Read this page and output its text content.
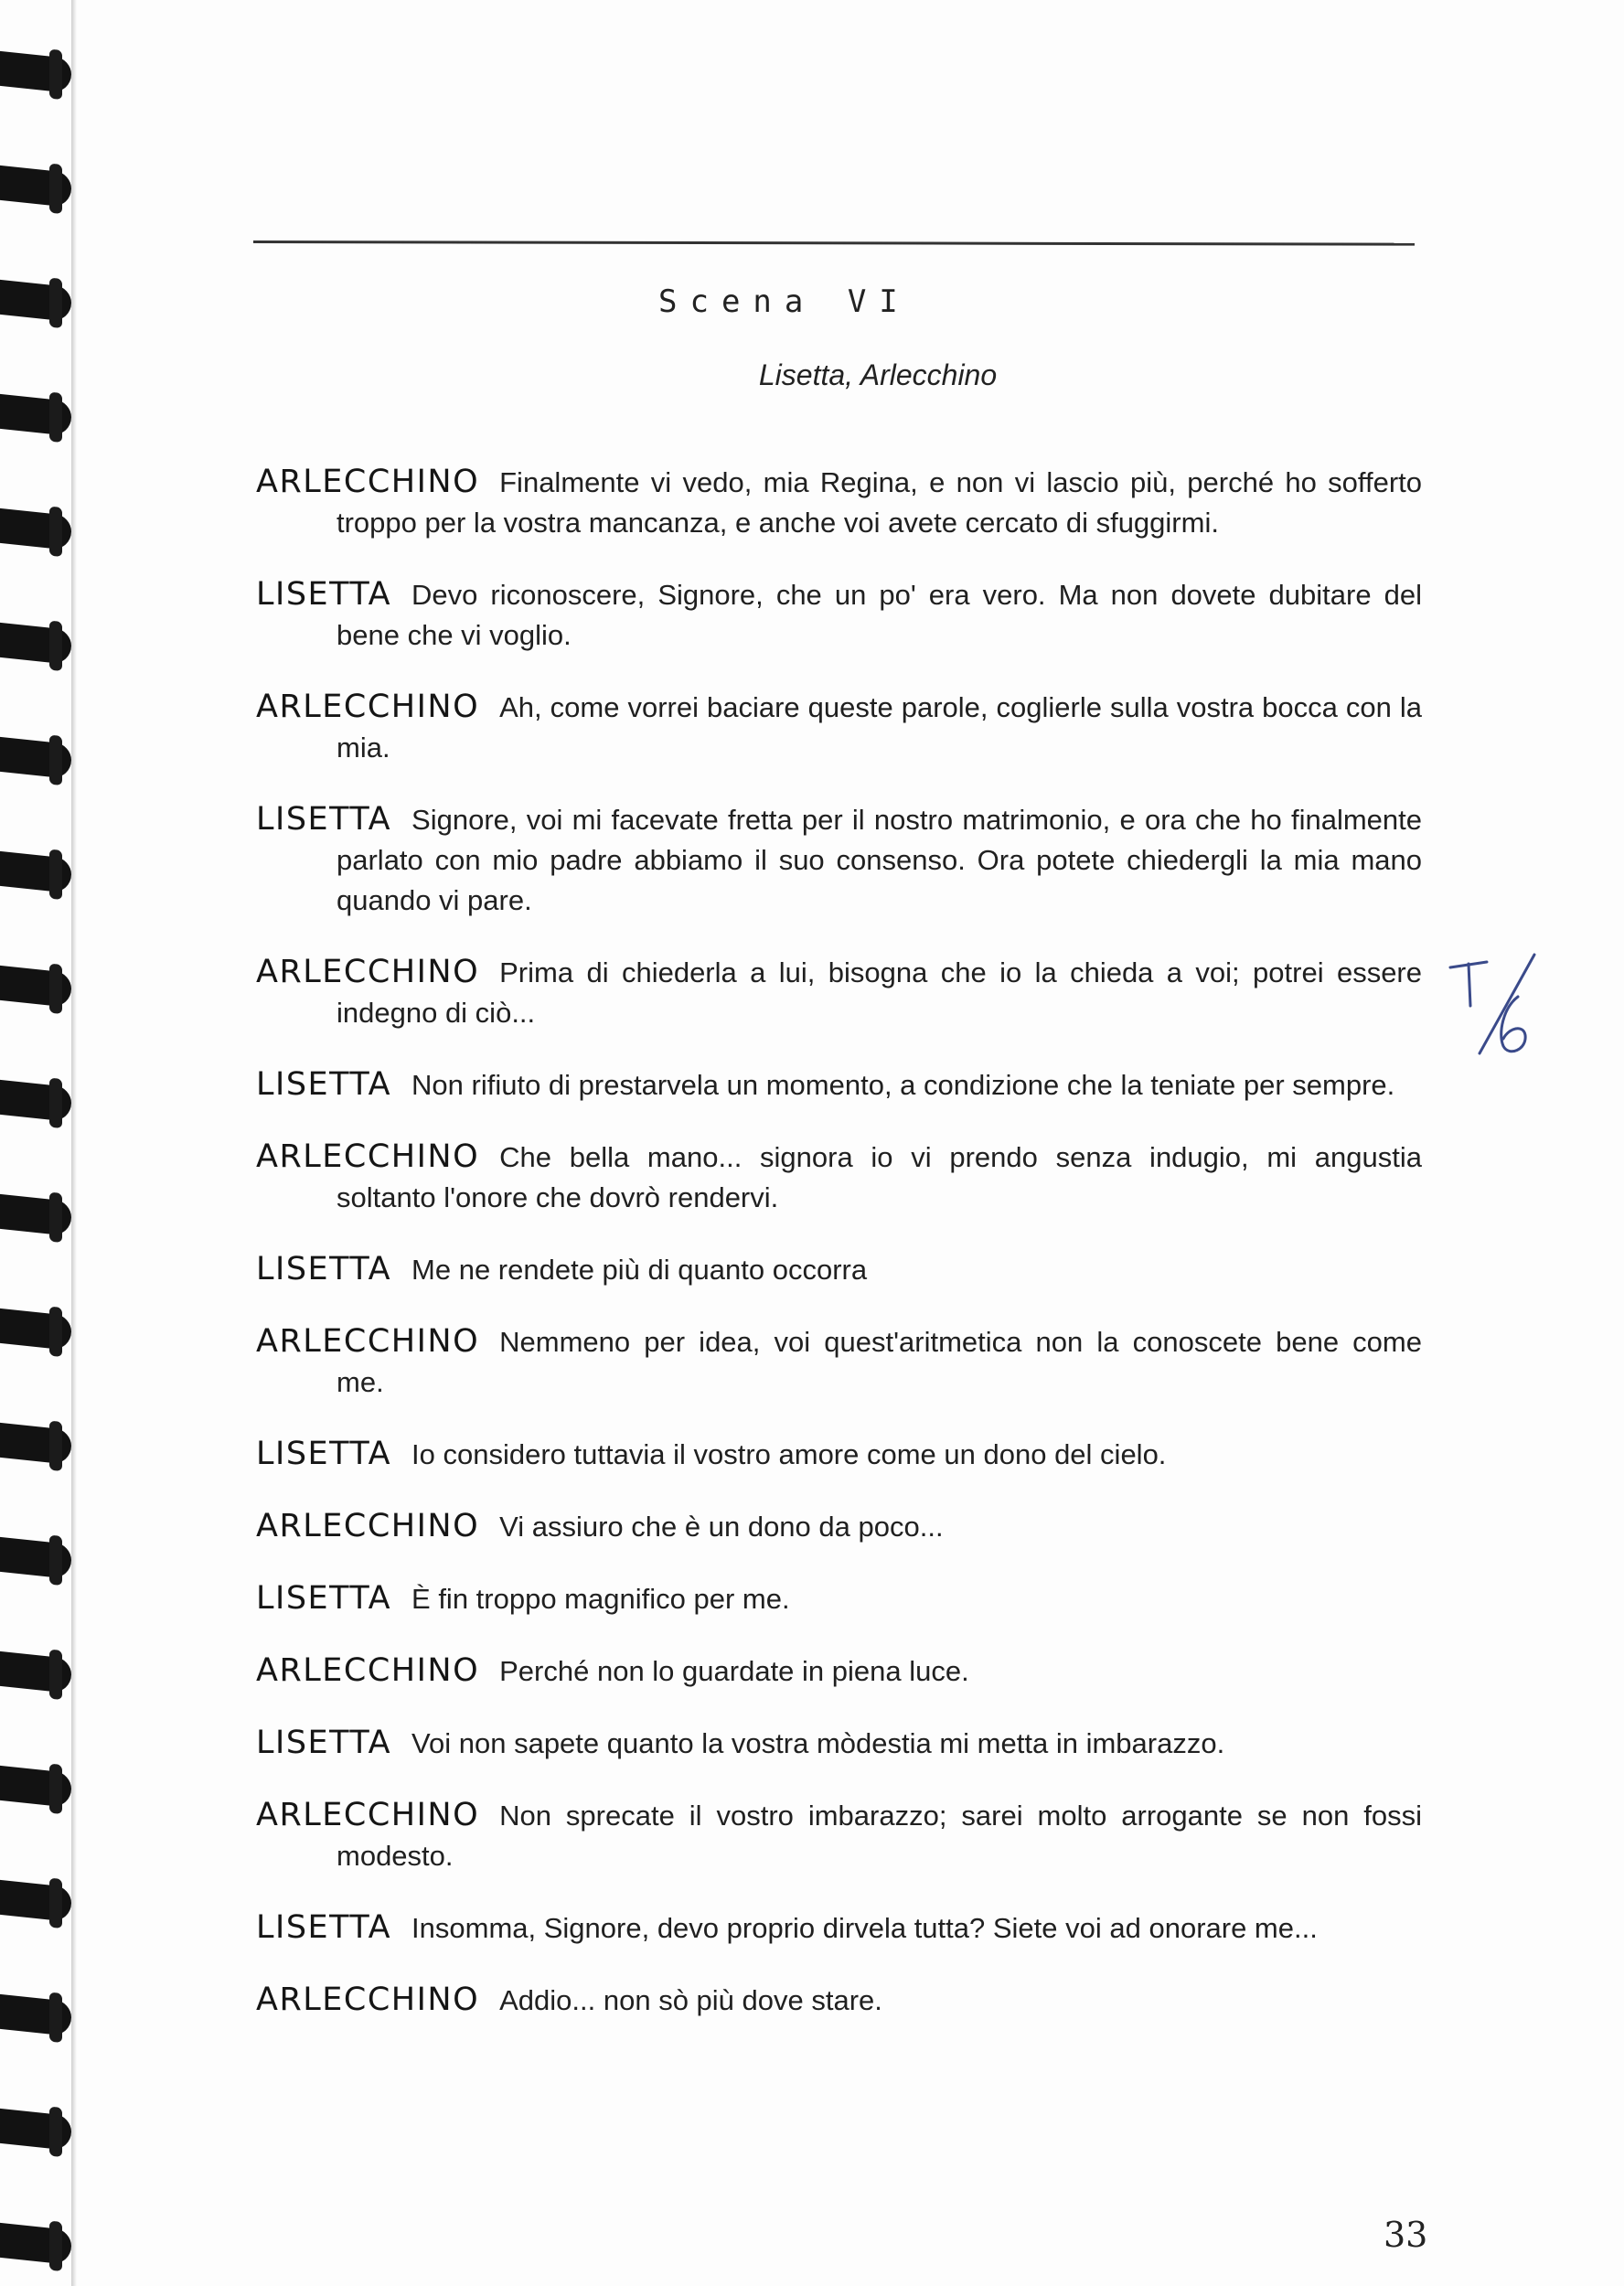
Scena VI
Lisetta, Arlecchino
ARLECCHINO Finalmente vi vedo, mia Regina, e non vi lascio più, perché ho sofferto troppo per la vostra mancanza, e anche voi avete cercato di sfuggirmi.
LISETTA Devo riconoscere, Signore, che un po' era vero. Ma non dovete dubitare del bene che vi voglio.
ARLECCHINO Ah, come vorrei baciare queste parole, coglierle sulla vostra bocca con la mia.
LISETTA Signore, voi mi facevate fretta per il nostro matrimonio, e ora che ho finalmente parlato con mio padre abbiamo il suo consenso. Ora potete chiedergli la mia mano quando vi pare.
ARLECCHINO Prima di chiederla a lui, bisogna che io la chieda a voi; potrei essere indegno di ciò...
LISETTA Non rifiuto di prestarvela un momento, a condizione che la teniate per sempre.
ARLECCHINO Che bella mano... signora io vi prendo senza indugio, mi angustia soltanto l'onore che dovrò rendervi.
LISETTA Me ne rendete più di quanto occorra
ARLECCHINO Nemmeno per idea, voi quest'aritmetica non la conoscete bene come me.
LISETTA Io considero tuttavia il vostro amore come un dono del cielo.
ARLECCHINO Vi assiuro che è un dono da poco...
LISETTA È fin troppo magnifico per me.
ARLECCHINO Perché non lo guardate in piena luce.
LISETTA Voi non sapete quanto la vostra mòdestia mi metta in imbarazzo.
ARLECCHINO Non sprecate il vostro imbarazzo; sarei molto arrogante se non fossi modesto.
LISETTA Insomma, Signore, devo proprio dirvela tutta? Siete voi ad onorare me...
ARLECCHINO Addio... non sò più dove stare.
33
